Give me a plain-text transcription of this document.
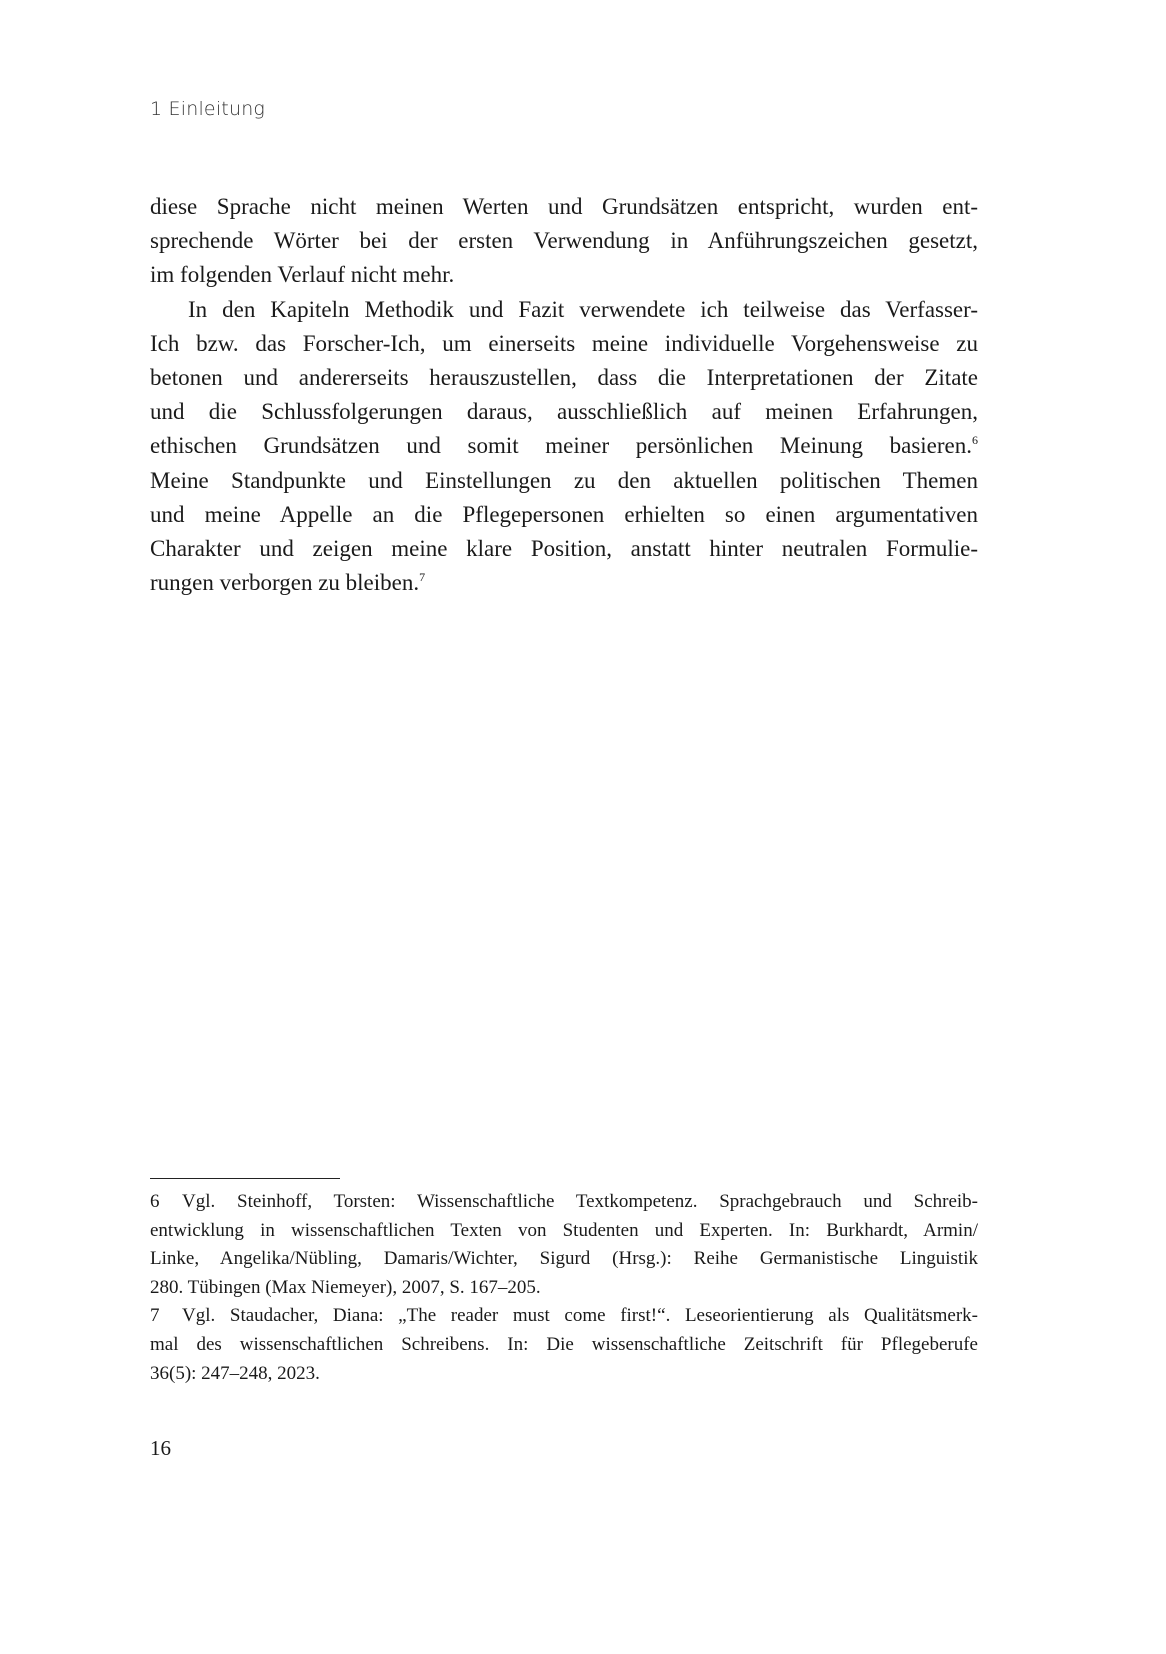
1 Einleitung
diese Sprache nicht meinen Werten und Grundsätzen entspricht, wurden ent-
sprechende Wörter bei der ersten Verwendung in Anführungszeichen gesetzt,
im folgenden Verlauf nicht mehr.
In den Kapiteln Methodik und Fazit verwendete ich teilweise das Verfasser-
Ich bzw. das Forscher-Ich, um einerseits meine individuelle Vorgehensweise zu
betonen und andererseits herauszustellen, dass die Interpretationen der Zitate
und die Schlussfolgerungen daraus, ausschließlich auf meinen Erfahrungen,
ethischen Grundsätzen und somit meiner persönlichen Meinung basieren.$^6$
Meine Standpunkte und Einstellungen zu den aktuellen politischen Themen
und meine Appelle an die Pflegepersonen erhielten so einen argumentativen
Charakter und zeigen meine klare Position, anstatt hinter neutralen Formulie-
rungen verborgen zu bleiben.$^7$
6 Vgl. Steinhoff, Torsten: Wissenschaftliche Textkompetenz. Sprachgebrauch und Schreib-
entwicklung in wissenschaftlichen Texten von Studenten und Experten. In: Burkhardt, Armin/
Linke, Angelika/Nübling, Damaris/Wichter, Sigurd (Hrsg.): Reihe Germanistische Linguistik
280. Tübingen (Max Niemeyer), 2007, S. 167–205.
7 Vgl. Staudacher, Diana: „The reader must come first!“. Leseorientierung als Qualitätsmerk-
mal des wissenschaftlichen Schreibens. In: Die wissenschaftliche Zeitschrift für Pflegeberufe
36(5): 247–248, 2023.
16
